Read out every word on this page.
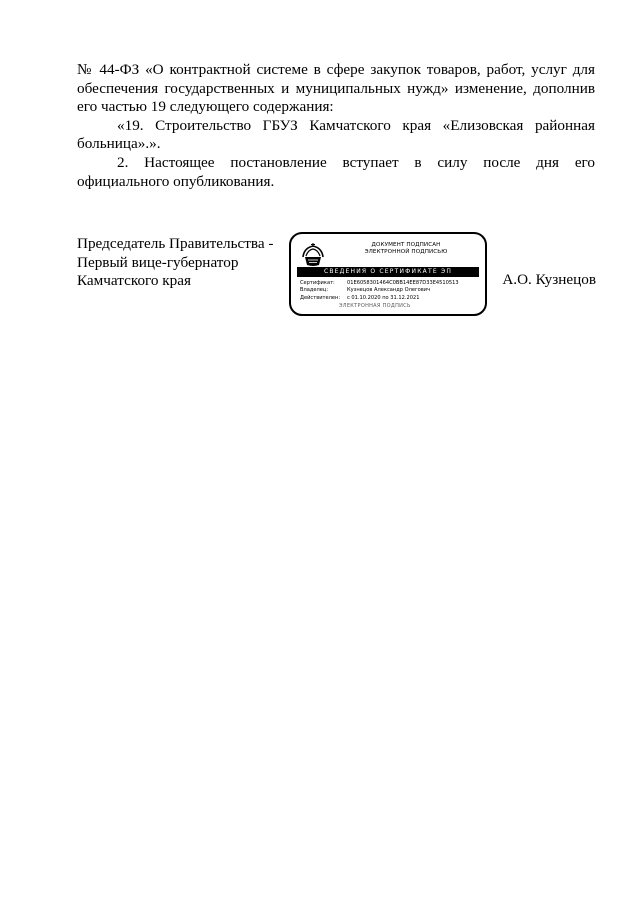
№ 44-ФЗ «О контрактной системе в сфере закупок товаров, работ, услуг для обеспечения государственных и муниципальных нужд» изменение, дополнив его частью 19 следующего содержания:

«19. Строительство ГБУЗ Камчатского края «Елизовская районная больница».».

2. Настоящее постановление вступает в силу после дня его официального опубликования.

Председатель Правительства -
Первый вице-губернатор
Камчатского края
ДОКУМЕНТ ПОДПИСАН
ЭЛЕКТРОННОЙ ПОДПИСЬЮ
СВЕДЕНИЯ О СЕРТИФИКАТЕ ЭП
Сертификат:	01E6058301464C0BB14EE87D33E4510513
Владелец:	Кузнецов Александр Олегович
Действителен:	с 01.10.2020 по 31.12.2021
ЭЛЕКТРОННАЯ ПОДПИСЬ
А.О. Кузнецов
